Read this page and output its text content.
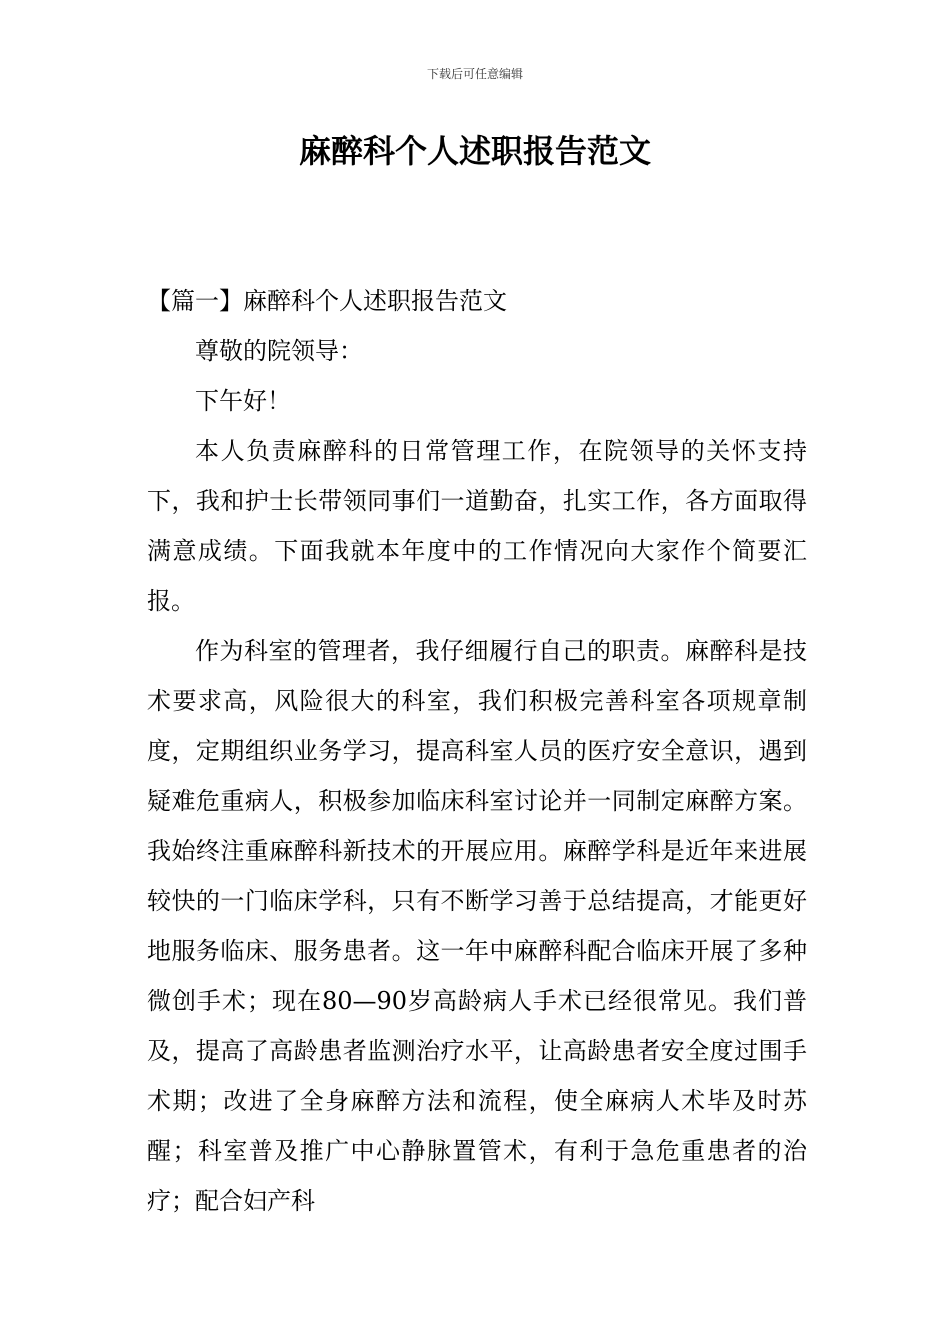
下载后可任意编辑
麻醉科个人述职报告范文

【篇一】麻醉科个人述职报告范文

尊敬的院领导：

下午好！

本人负责麻醉科的日常管理工作，在院领导的关怀支持下，我和护士长带领同事们一道勤奋，扎实工作，各方面取得满意成绩。下面我就本年度中的工作情况向大家作个简要汇报。

作为科室的管理者，我仔细履行自己的职责。麻醉科是技术要求高，风险很大的科室，我们积极完善科室各项规章制度，定期组织业务学习，提高科室人员的医疗安全意识，遇到疑难危重病人，积极参加临床科室讨论并一同制定麻醉方案。我始终注重麻醉科新技术的开展应用。麻醉学科是近年来进展较快的一门临床学科，只有不断学习善于总结提高，才能更好地服务临床、服务患者。这一年中麻醉科配合临床开展了多种微创手术；现在80—90岁高龄病人手术已经很常见。我们普及，提高了高龄患者监测治疗水平，让高龄患者安全度过围手术期；改进了全身麻醉方法和流程，使全麻病人术毕及时苏醒；科室普及推广中心静脉置管术，有利于急危重患者的治疗；配合妇产科
